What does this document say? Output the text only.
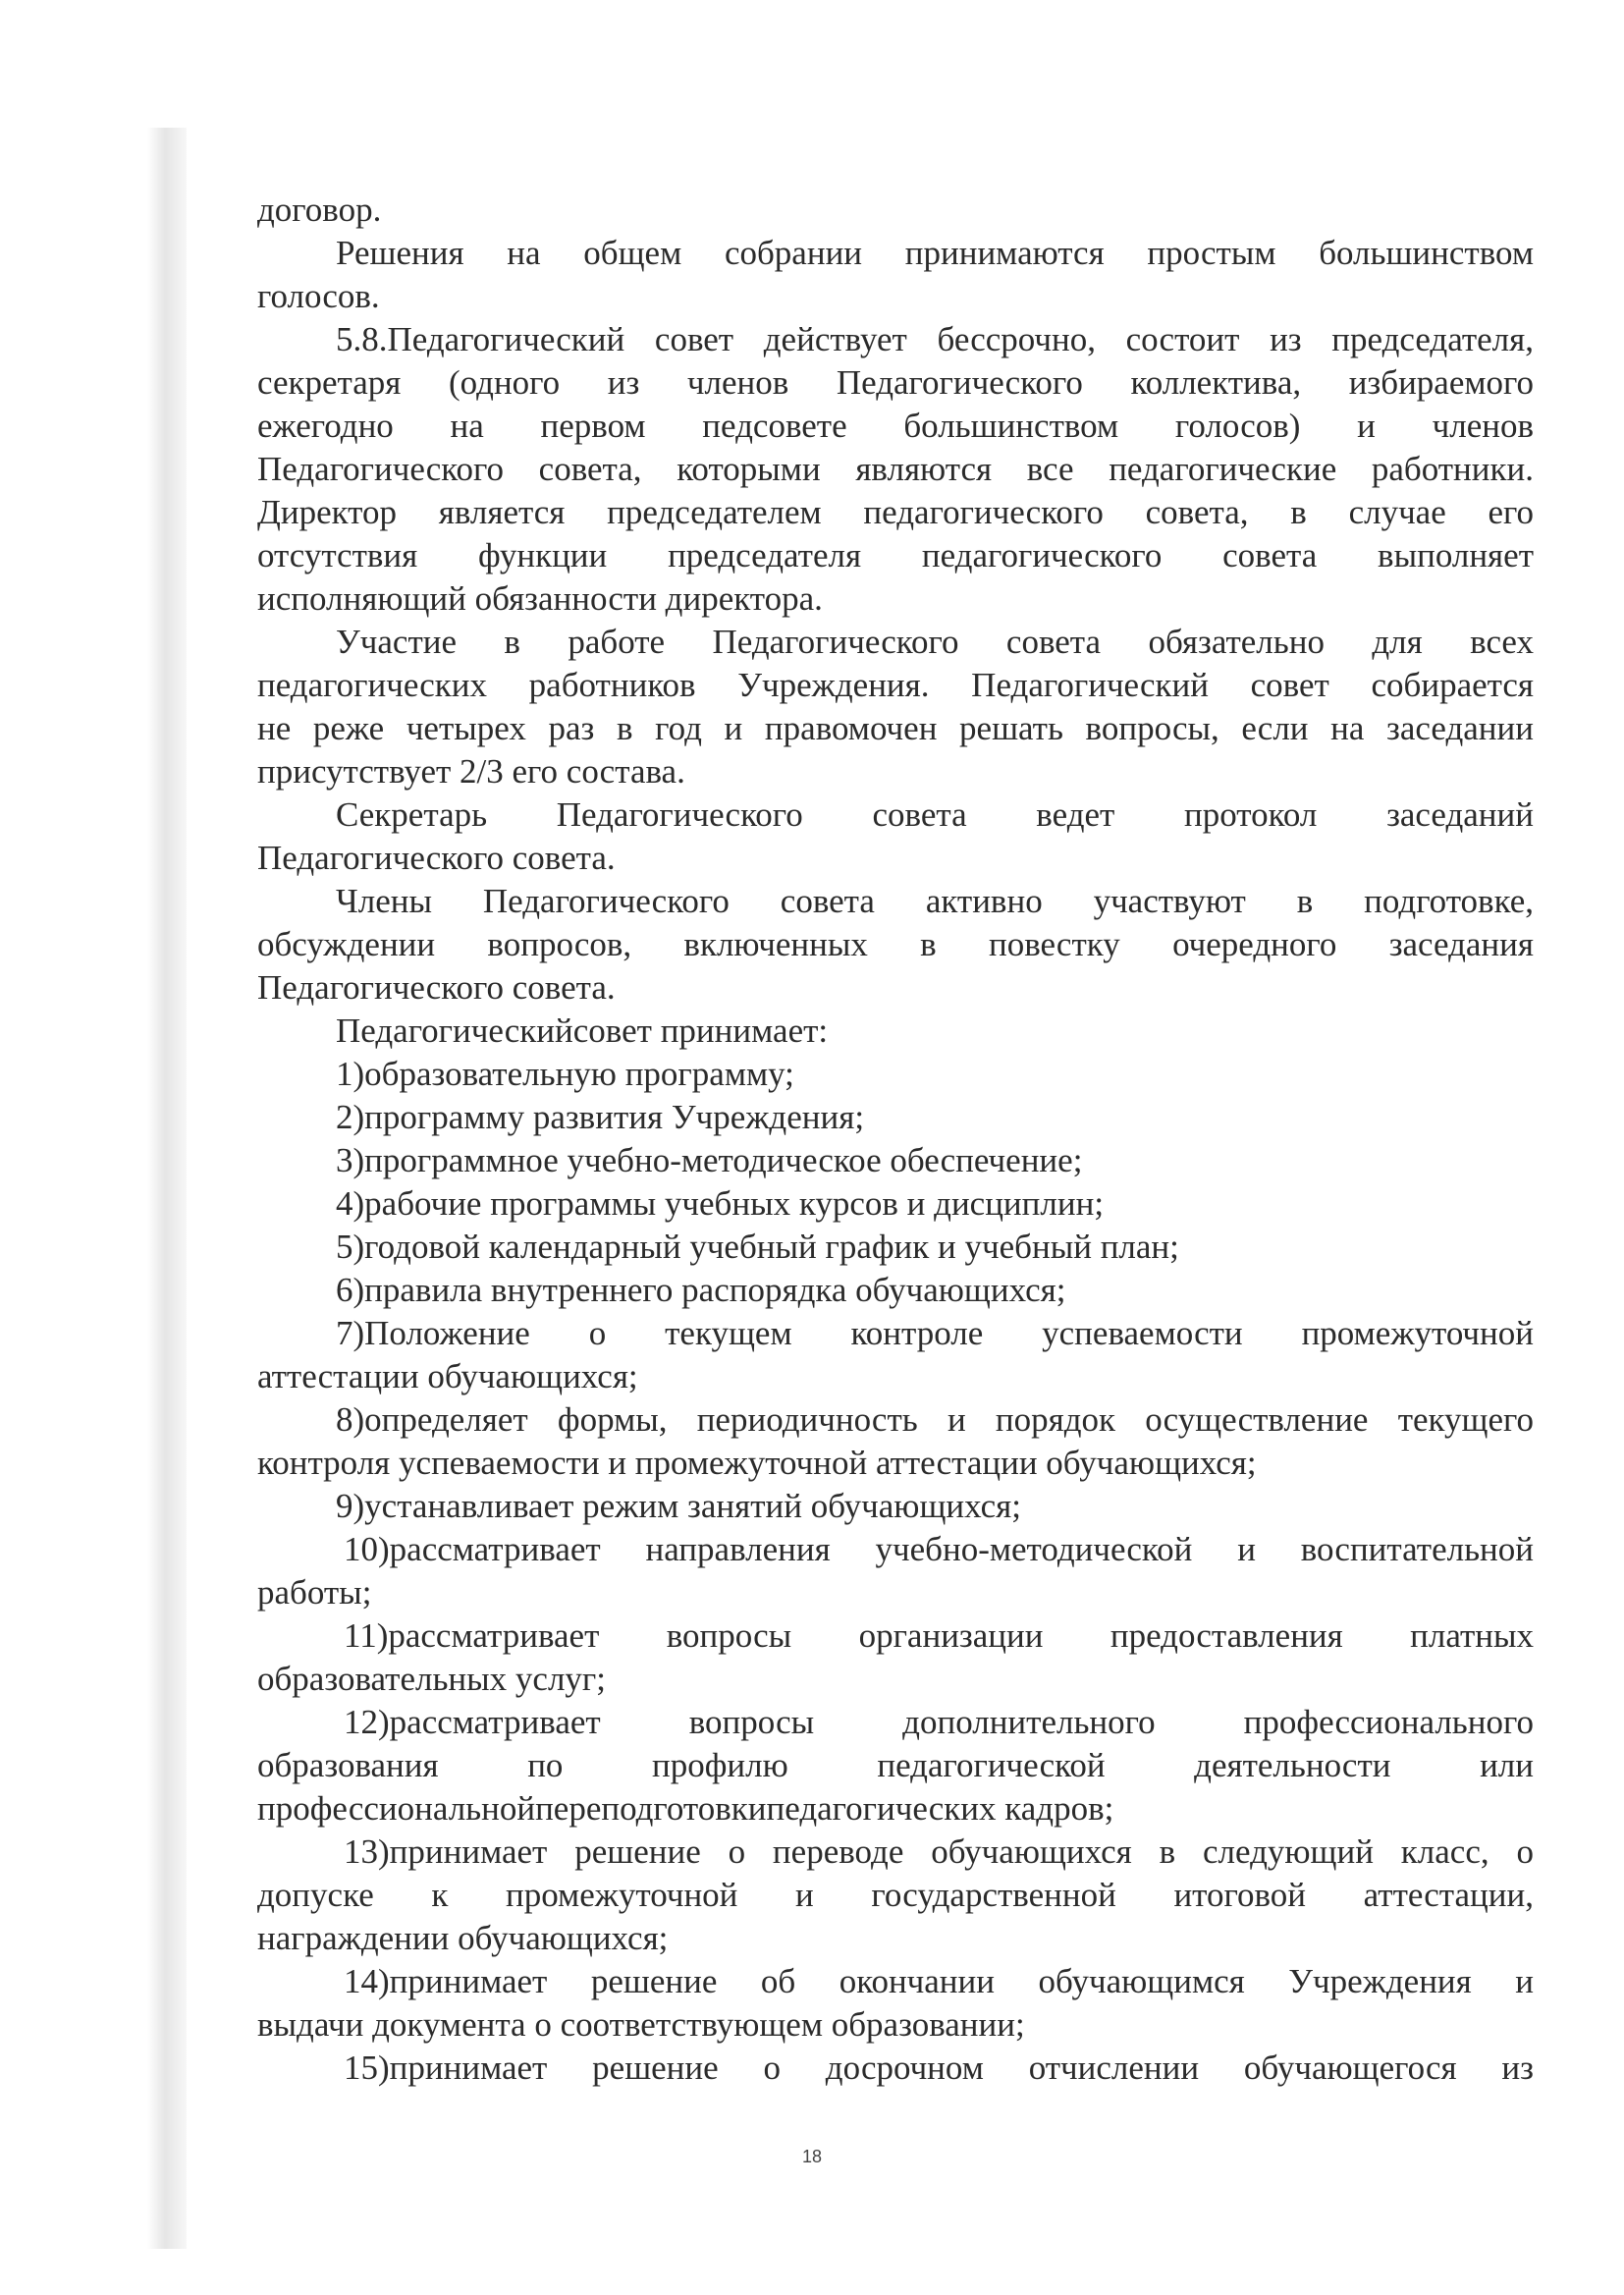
договор.
Решения на общем собрании принимаются простым большинством
голосов.
5.8.Педагогический совет действует бессрочно, состоит из председателя,
секретаря (одного из членов Педагогического коллектива, избираемого
ежегодно на первом педсовете большинством голосов) и членов
Педагогического совета, которыми являются все педагогические работники.
Директор является председателем педагогического совета, в случае его
отсутствия функции председателя педагогического совета выполняет
исполняющий обязанности директора.
Участие в работе Педагогического совета обязательно для всех
педагогических работников Учреждения. Педагогический совет собирается
не реже четырех раз в год и правомочен решать вопросы, если на заседании
присутствует 2/3 его состава.
Секретарь Педагогического совета ведет протокол заседаний
Педагогического совета.
Члены Педагогического совета активно участвуют в подготовке,
обсуждении вопросов, включенных в повестку очередного заседания
Педагогического совета.
Педагогическийсовет принимает:
1)образовательную программу;
2)программу развития Учреждения;
3)программное учебно-методическое обеспечение;
4)рабочие программы учебных курсов и дисциплин;
5)годовой календарный учебный график и учебный план;
6)правила внутреннего распорядка обучающихся;
7)Положение о текущем контроле успеваемости промежуточной
аттестации обучающихся;
8)определяет формы, периодичность и порядок осуществление текущего
контроля успеваемости и промежуточной аттестации обучающихся;
9)устанавливает режим занятий обучающихся;
10)рассматривает направления учебно-методической и воспитательной
работы;
11)рассматривает вопросы организации предоставления платных
образовательных услуг;
12)рассматривает вопросы дополнительного профессионального
образования по профилю педагогической деятельности или
профессиональнойпереподготовкипедагогических кадров;
13)принимает решение о переводе обучающихся в следующий класс, о
допуске к промежуточной и государственной итоговой аттестации,
награждении обучающихся;
14)принимает решение об окончании обучающимся Учреждения и
выдачи документа о соответствующем образовании;
15)принимает решение о досрочном отчислении обучающегося из
18
